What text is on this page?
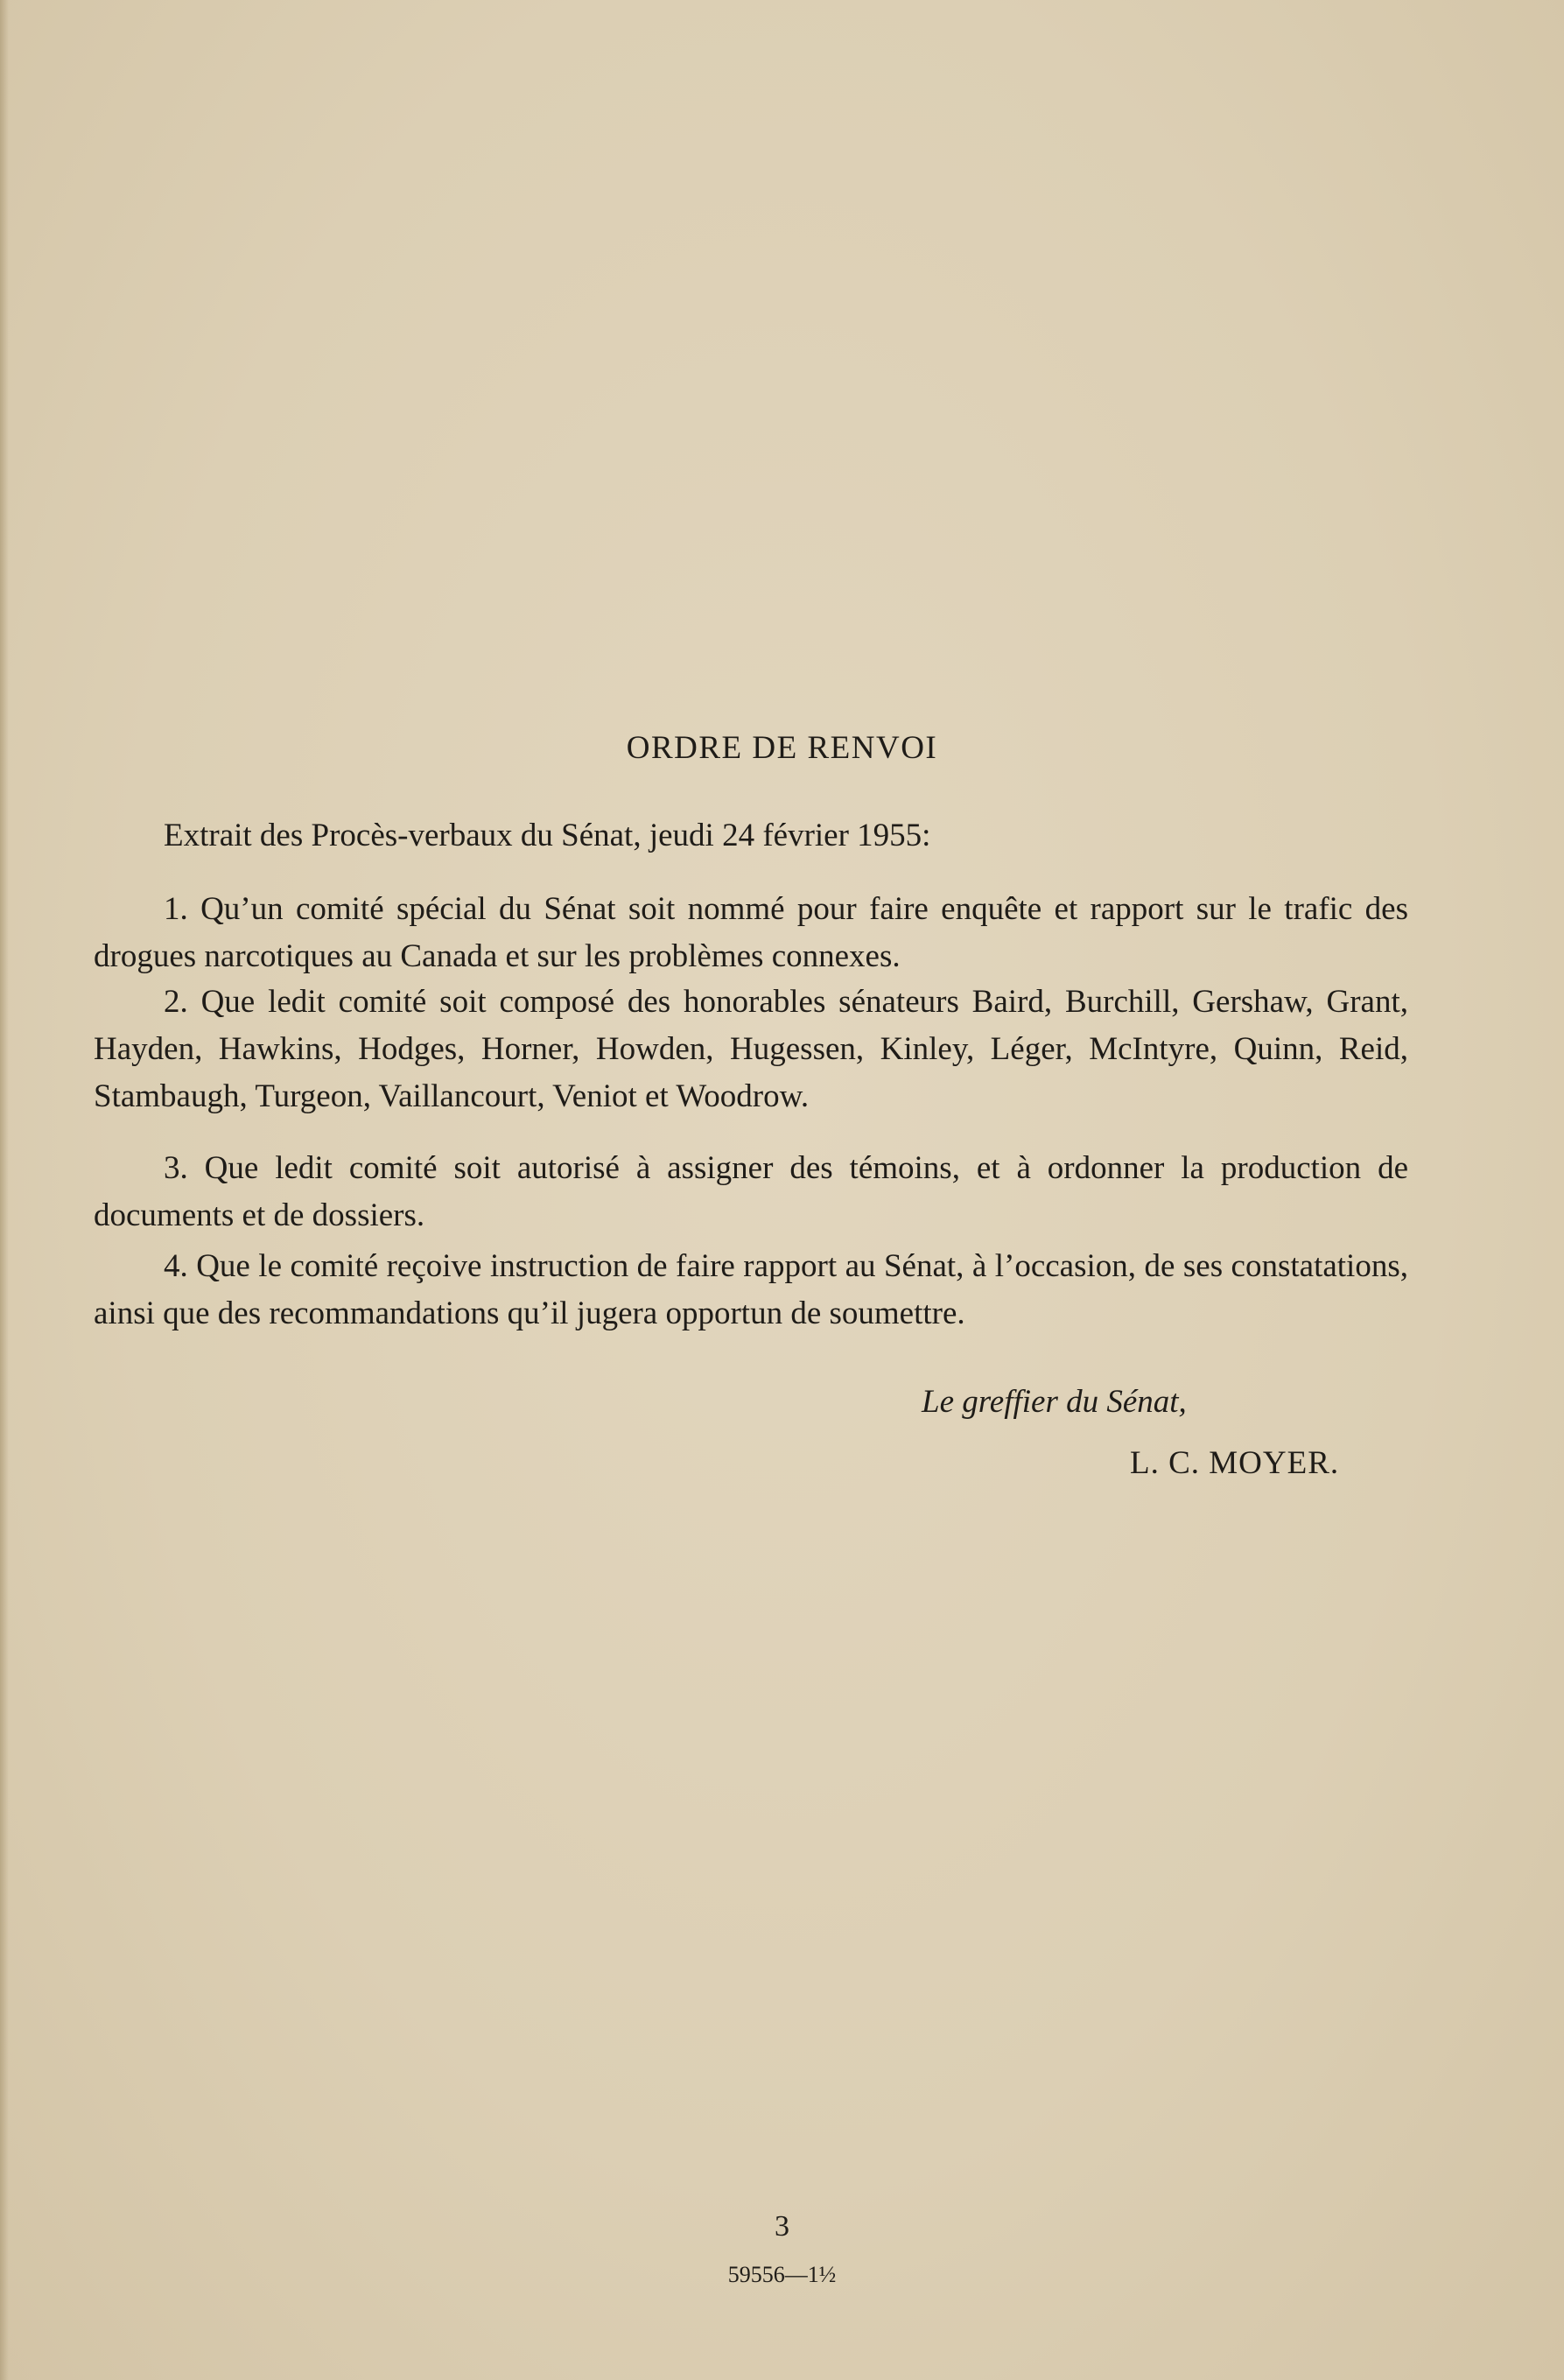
ORDRE DE RENVOI
Extrait des Procès-verbaux du Sénat, jeudi 24 février 1955:
1. Qu’un comité spécial du Sénat soit nommé pour faire enquête et rapport sur le trafic des drogues narcotiques au Canada et sur les problèmes connexes.
2. Que ledit comité soit composé des honorables sénateurs Baird, Burchill, Gershaw, Grant, Hayden, Hawkins, Hodges, Horner, Howden, Hugessen, Kinley, Léger, McIntyre, Quinn, Reid, Stambaugh, Turgeon, Vaillancourt, Veniot et Woodrow.
3. Que ledit comité soit autorisé à assigner des témoins, et à ordonner la production de documents et de dossiers.
4. Que le comité reçoive instruction de faire rapport au Sénat, à l’occasion, de ses constatations, ainsi que des recommandations qu’il jugera opportun de soumettre.
Le greffier du Sénat,
L. C. MOYER.
3
59556—1½
